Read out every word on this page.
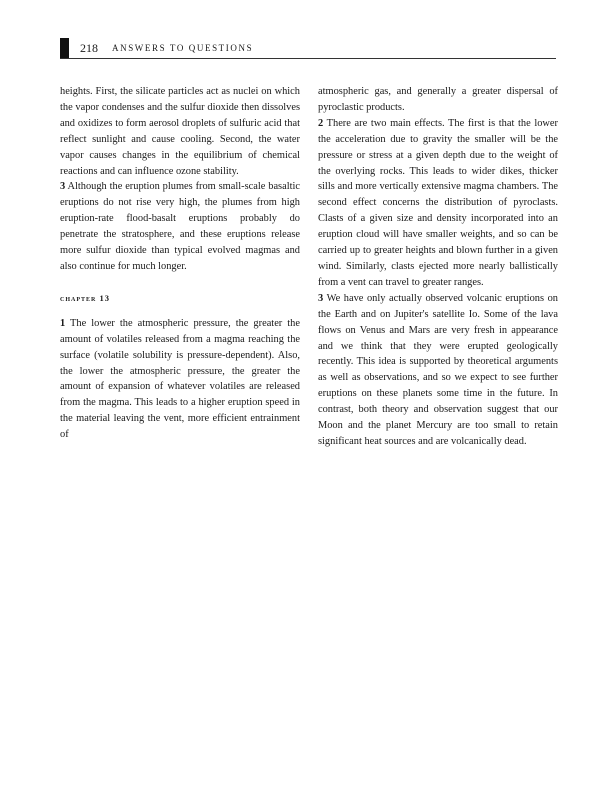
218 ANSWERS TO QUESTIONS

heights. First, the silicate particles act as nuclei on which the vapor condenses and the sulfur dioxide then dissolves and oxidizes to form aerosol droplets of sulfuric acid that reflect sunlight and cause cooling. Second, the water vapor causes changes in the equilibrium of chemical reactions and can influence ozone stability.

3 Although the eruption plumes from small-scale basaltic eruptions do not rise very high, the plumes from high eruption-rate flood-basalt eruptions probably do penetrate the stratosphere, and these eruptions release more sulfur dioxide than typical evolved magmas and also continue for much longer.

chapter 13

1 The lower the atmospheric pressure, the greater the amount of volatiles released from a magma reaching the surface (volatile solubility is pressure-dependent). Also, the lower the atmospheric pressure, the greater the amount of expansion of whatever volatiles are released from the magma. This leads to a higher eruption speed in the material leaving the vent, more efficient entrainment of

atmospheric gas, and generally a greater dispersal of pyroclastic products.

2 There are two main effects. The first is that the lower the acceleration due to gravity the smaller will be the pressure or stress at a given depth due to the weight of the overlying rocks. This leads to wider dikes, thicker sills and more vertically extensive magma chambers. The second effect concerns the distribution of pyroclasts. Clasts of a given size and density incorporated into an eruption cloud will have smaller weights, and so can be carried up to greater heights and blown further in a given wind. Similarly, clasts ejected more nearly ballistically from a vent can travel to greater ranges.

3 We have only actually observed volcanic eruptions on the Earth and on Jupiter's satellite Io. Some of the lava flows on Venus and Mars are very fresh in appearance and we think that they were erupted geologically recently. This idea is supported by theoretical arguments as well as observations, and so we expect to see further eruptions on these planets some time in the future. In contrast, both theory and observation suggest that our Moon and the planet Mercury are too small to retain significant heat sources and are volcanically dead.
